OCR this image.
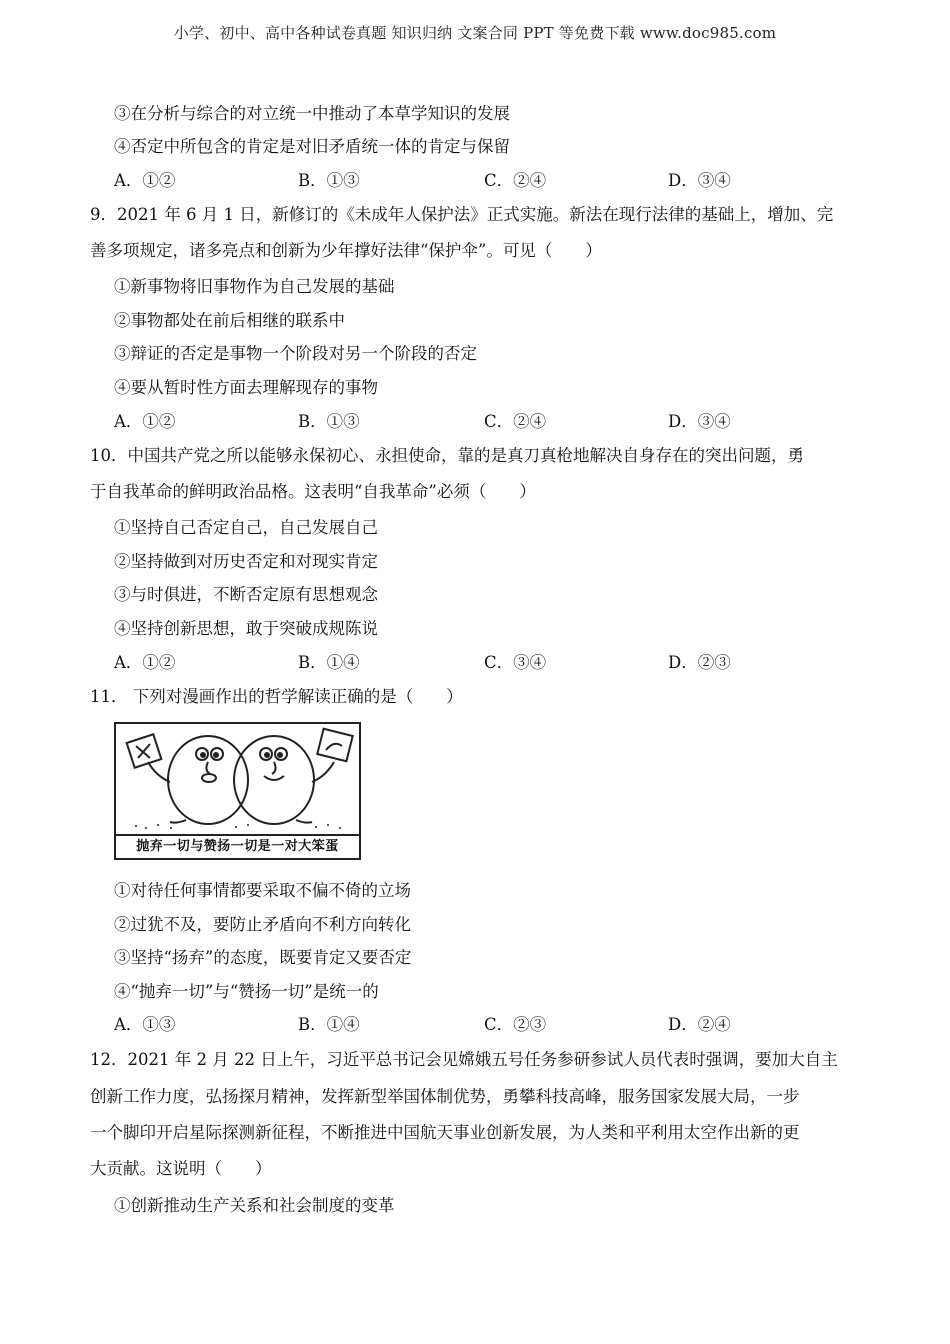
小学、初中、高中各种试卷真题 知识归纳 文案合同 PPT 等免费下载 www.doc985.com
③在分析与综合的对立统一中推动了本草学知识的发展
④否定中所包含的肯定是对旧矛盾统一体的肯定与保留
A．①②	B．①③	C．②④	D．③④
9．2021 年 6 月 1 日，新修订的《未成年人保护法》正式实施。新法在现行法律的基础上，增加、完
善多项规定，诸多亮点和创新为少年撑好法律“保护伞”。可见（　　）
①新事物将旧事物作为自己发展的基础
②事物都处在前后相继的联系中
③辩证的否定是事物一个阶段对另一个阶段的否定
④要从暂时性方面去理解现存的事物
A．①②	B．①③	C．②④	D．③④
10．中国共产党之所以能够永保初心、永担使命，靠的是真刀真枪地解决自身存在的突出问题，勇
于自我革命的鲜明政治品格。这表明“自我革命”必须（　　）
①坚持自己否定自己，自己发展自己
②坚持做到对历史否定和对现实肯定
③与时俱进，不断否定原有思想观念
④坚持创新思想，敢于突破成规陈说
A．①②	B．①④	C．③④	D．②③
11． 下列对漫画作出的哲学解读正确的是（　　）
抛弃一切与赞扬一切是一对大笨蛋
①对待任何事情都要采取不偏不倚的立场
②过犹不及，要防止矛盾向不利方向转化
③坚持“扬弃”的态度，既要肯定又要否定
④“抛弃一切”与“赞扬一切”是统一的
A．①③	B．①④	C．②③	D．②④
12．2021 年 2 月 22 日上午，习近平总书记会见嫦娥五号任务参研参试人员代表时强调，要加大自主
创新工作力度，弘扬探月精神，发挥新型举国体制优势，勇攀科技高峰，服务国家发展大局，一步
一个脚印开启星际探测新征程，不断推进中国航天事业创新发展，为人类和平利用太空作出新的更
大贡献。这说明（　　）
①创新推动生产关系和社会制度的变革
